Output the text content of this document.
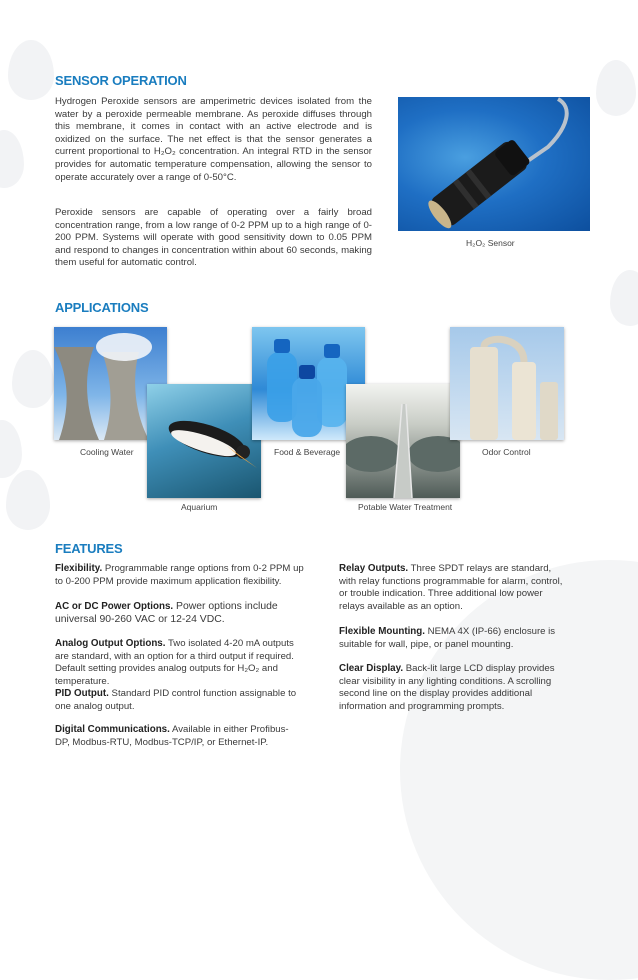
SENSOR OPERATION
Hydrogen Peroxide sensors are amperimetric devices isolated from the water by a peroxide permeable membrane. As peroxide diffuses through this membrane, it comes in contact with an active electrode and is oxidized on the surface. The net effect is that the sensor generates a current proportional to H₂O₂ concentration. An integral RTD in the sensor provides for automatic temperature compensation, allowing the sensor to operate accurately over a range of 0-50°C.
Peroxide sensors are capable of operating over a fairly broad concentration range, from a low range of 0-2 PPM up to a high range of 0-200 PPM. Systems will operate with good sensitivity down to 0.05 PPM and respond to changes in concentration within about 60 seconds, making them useful for automatic control.
H₂O₂ Sensor
APPLICATIONS
Cooling Water
Aquarium
Food & Beverage
Potable Water Treatment
Odor Control
FEATURES
Flexibility. Programmable range options from 0-2 PPM up to 0-200 PPM provide maximum application flexibility.
AC or DC Power Options. Power options include universal 90-260 VAC or 12-24 VDC.
Analog Output Options. Two isolated 4-20 mA outputs are standard, with an option for a third output if required. Default setting provides analog outputs for H₂O₂ and temperature.
PID Output. Standard PID control function assignable to one analog output.
Digital Communications. Available in either Profibus-DP, Modbus-RTU, Modbus-TCP/IP, or Ethernet-IP.
Relay Outputs. Three SPDT relays are standard, with relay functions programmable for alarm, control, or trouble indication. Three additional low power relays available as an option.
Flexible Mounting. NEMA 4X (IP-66) enclosure is suitable for wall, pipe, or panel mounting.
Clear Display. Back-lit large LCD display provides clear visibility in any lighting conditions. A scrolling second line on the display provides additional information and programming prompts.
